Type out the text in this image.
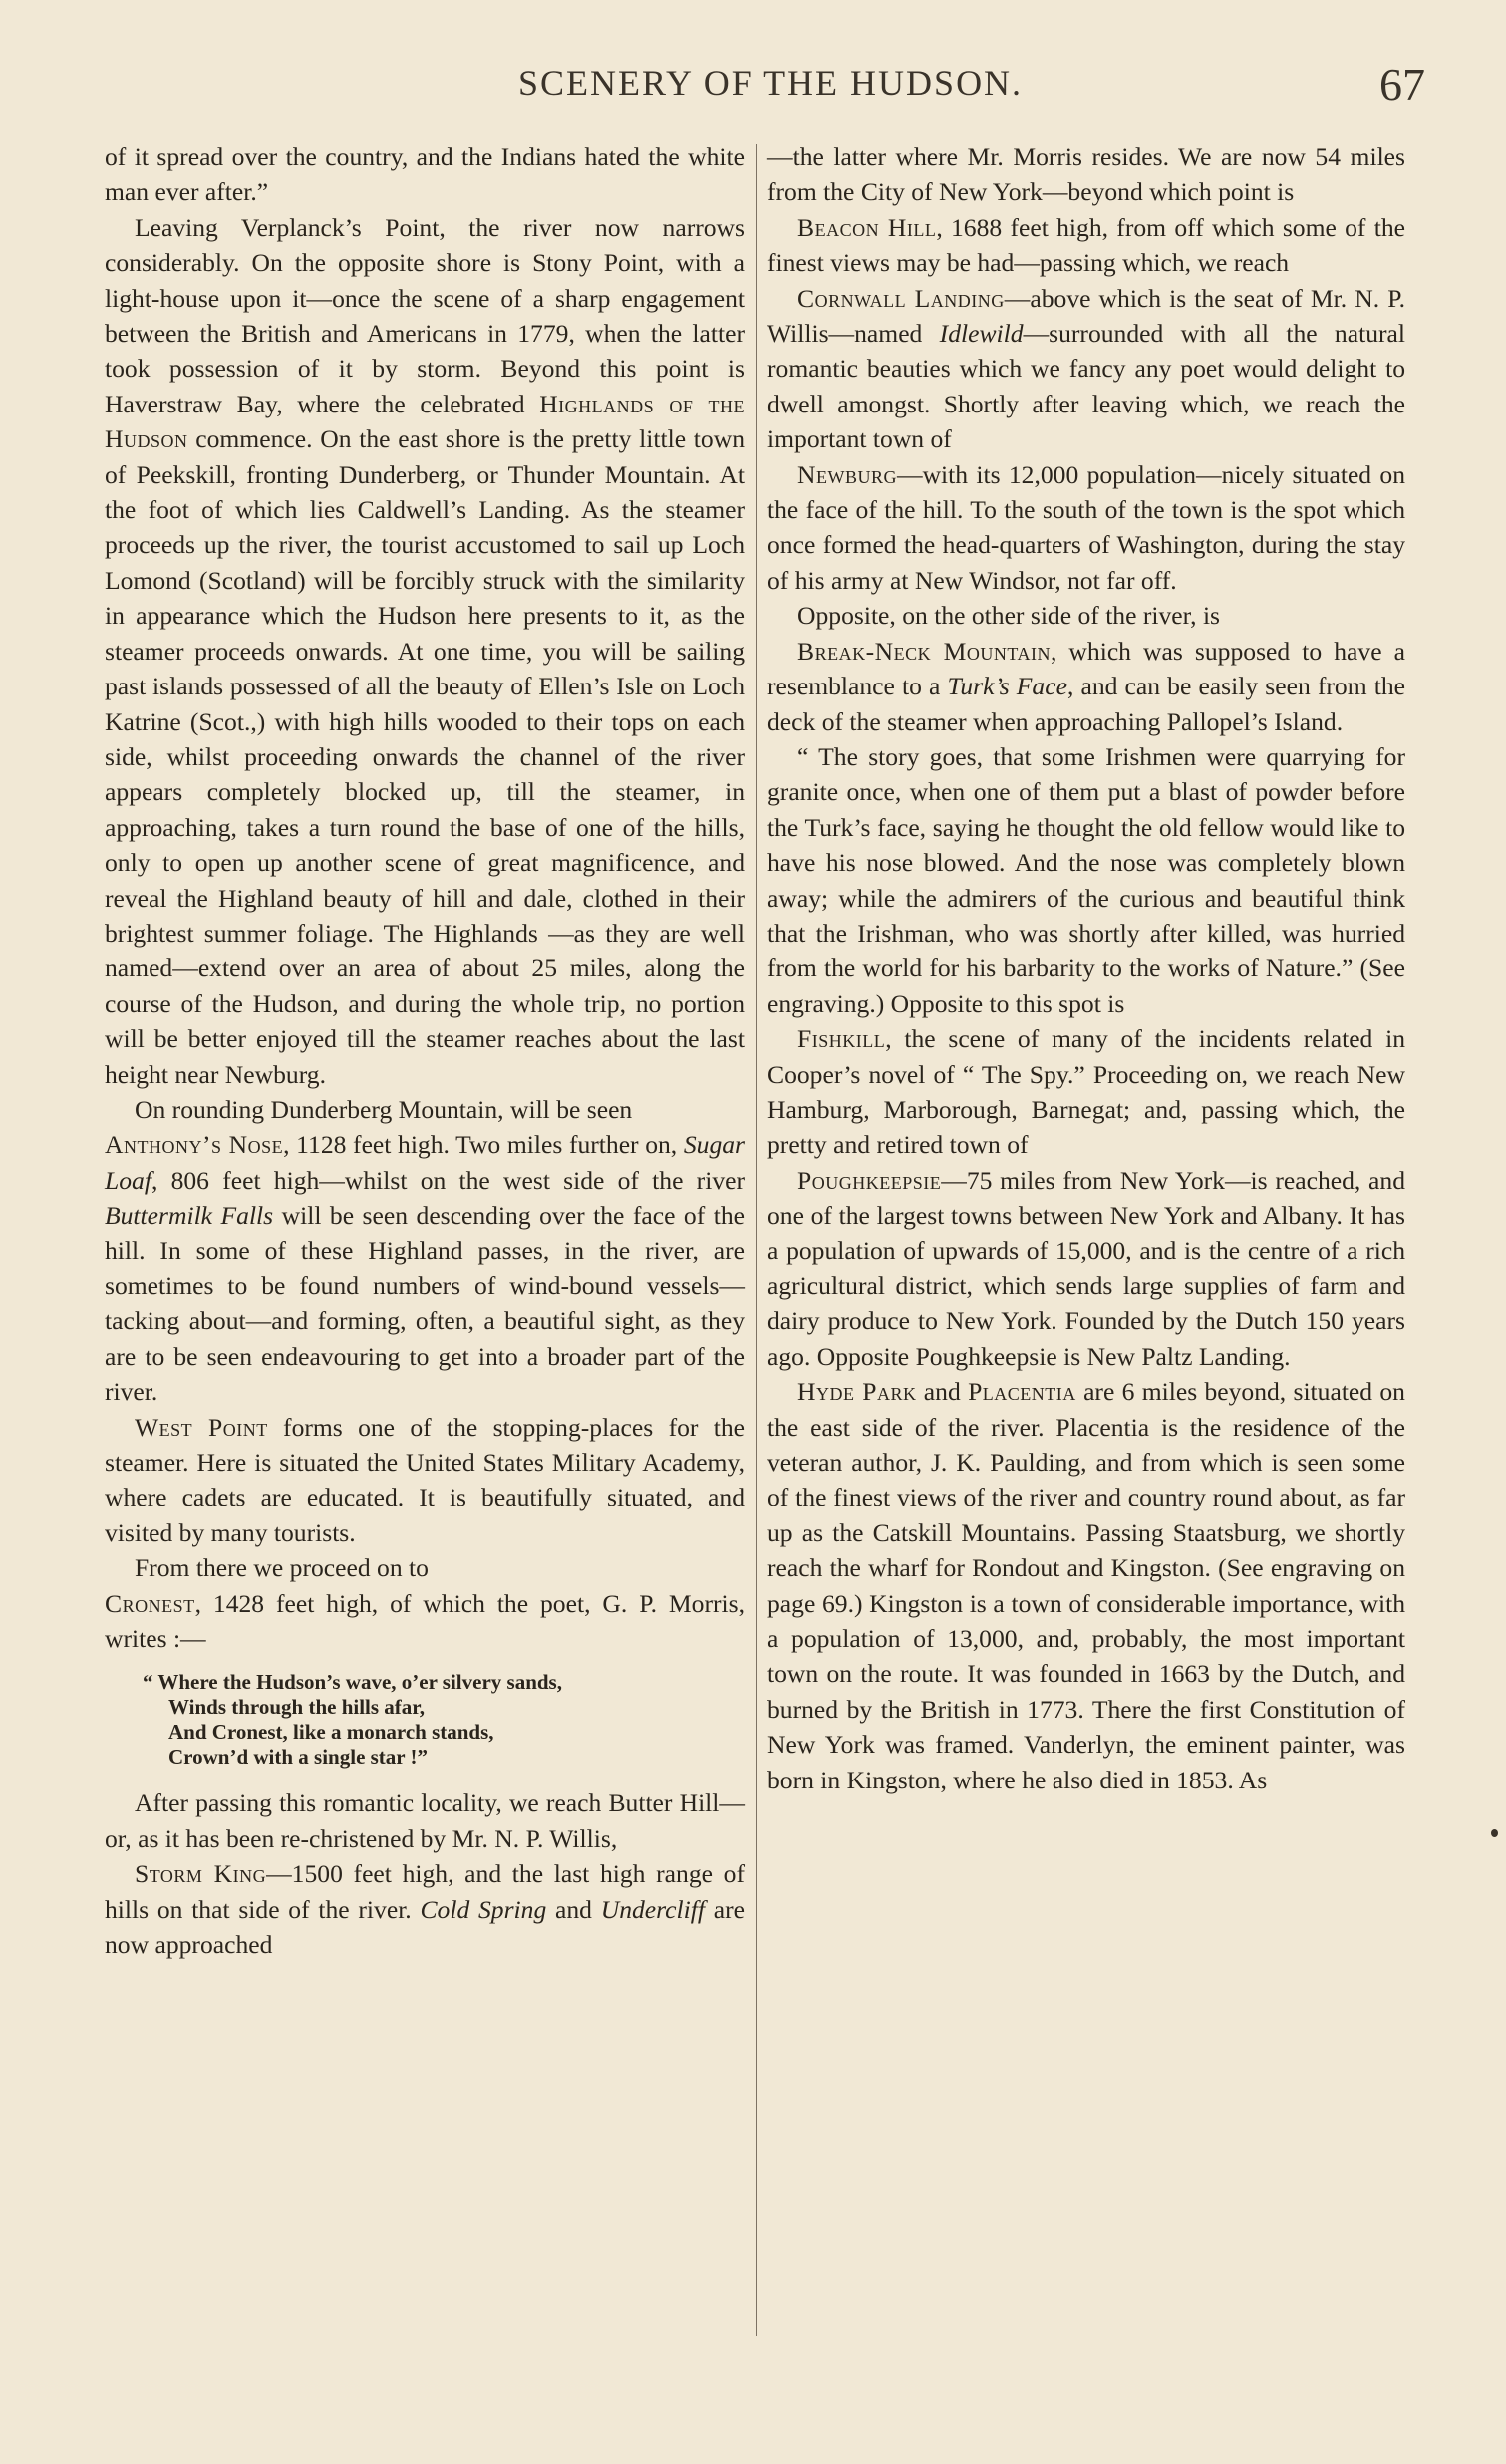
SCENERY OF THE HUDSON.	67

of it spread over the country, and the Indians hated the white man ever after.”

Leaving Verplanck’s Point, the river now narrows considerably. On the opposite shore is Stony Point, with a light-house upon it—once the scene of a sharp engagement between the British and Americans in 1779, when the latter took possession of it by storm. Beyond this point is Haverstraw Bay, where the celebrated Highlands of the Hudson commence. On the east shore is the pretty little town of Peekskill, fronting Dunderberg, or Thunder Mountain. At the foot of which lies Caldwell’s Landing. As the steamer proceeds up the river, the tourist accustomed to sail up Loch Lomond (Scotland) will be forcibly struck with the similarity in appearance which the Hudson here presents to it, as the steamer proceeds onwards. At one time, you will be sailing past islands possessed of all the beauty of Ellen’s Isle on Loch Katrine (Scot.,) with high hills wooded to their tops on each side, whilst proceeding onwards the channel of the river appears completely blocked up, till the steamer, in approaching, takes a turn round the base of one of the hills, only to open up another scene of great magnificence, and reveal the Highland beauty of hill and dale, clothed in their brightest summer foliage. The Highlands —as they are well named—extend over an area of about 25 miles, along the course of the Hudson, and during the whole trip, no portion will be better enjoyed till the steamer reaches about the last height near Newburg.

On rounding Dunderberg Mountain, will be seen

Anthony’s Nose, 1128 feet high. Two miles further on, Sugar Loaf, 806 feet high—whilst on the west side of the river Buttermilk Falls will be seen descending over the face of the hill. In some of these Highland passes, in the river, are sometimes to be found numbers of wind-bound vessels—tacking about—and forming, often, a beautiful sight, as they are to be seen endeavouring to get into a broader part of the river.

West Point forms one of the stopping-places for the steamer. Here is situated the United States Military Academy, where cadets are educated. It is beautifully situated, and visited by many tourists.

From there we proceed on to

Cronest, 1428 feet high, of which the poet, G. P. Morris, writes :—

“ Where the Hudson’s wave, o’er silvery sands,
Winds through the hills afar,
And Cronest, like a monarch stands,
Crown’d with a single star !”

After passing this romantic locality, we reach Butter Hill—or, as it has been re-christened by Mr. N. P. Willis,

Storm King—1500 feet high, and the last high range of hills on that side of the river. Cold Spring and Undercliff are now approached

—the latter where Mr. Morris resides. We are now 54 miles from the City of New York—beyond which point is

Beacon Hill, 1688 feet high, from off which some of the finest views may be had—passing which, we reach

Cornwall Landing—above which is the seat of Mr. N. P. Willis—named Idlewild—surrounded with all the natural romantic beauties which we fancy any poet would delight to dwell amongst. Shortly after leaving which, we reach the important town of

Newburg—with its 12,000 population—nicely situated on the face of the hill. To the south of the town is the spot which once formed the head-quarters of Washington, during the stay of his army at New Windsor, not far off.

Opposite, on the other side of the river, is

Break-Neck Mountain, which was supposed to have a resemblance to a Turk’s Face, and can be easily seen from the deck of the steamer when approaching Pallopel’s Island.

“ The story goes, that some Irishmen were quarrying for granite once, when one of them put a blast of powder before the Turk’s face, saying he thought the old fellow would like to have his nose blowed. And the nose was completely blown away; while the admirers of the curious and beautiful think that the Irishman, who was shortly after killed, was hurried from the world for his barbarity to the works of Nature.” (See engraving.) Opposite to this spot is

Fishkill, the scene of many of the incidents related in Cooper’s novel of “ The Spy.” Proceeding on, we reach New Hamburg, Marborough, Barnegat; and, passing which, the pretty and retired town of

Poughkeepsie—75 miles from New York—is reached, and one of the largest towns between New York and Albany. It has a population of upwards of 15,000, and is the centre of a rich agricultural district, which sends large supplies of farm and dairy produce to New York. Founded by the Dutch 150 years ago. Opposite Poughkeepsie is New Paltz Landing.

Hyde Park and Placentia are 6 miles beyond, situated on the east side of the river. Placentia is the residence of the veteran author, J. K. Paulding, and from which is seen some of the finest views of the river and country round about, as far up as the Catskill Mountains. Passing Staatsburg, we shortly reach the wharf for Rondout and Kingston. (See engraving on page 69.) Kingston is a town of considerable importance, with a population of 13,000, and, probably, the most important town on the route. It was founded in 1663 by the Dutch, and burned by the British in 1773. There the first Constitution of New York was framed. Vanderlyn, the eminent painter, was born in Kingston, where he also died in 1853. As
